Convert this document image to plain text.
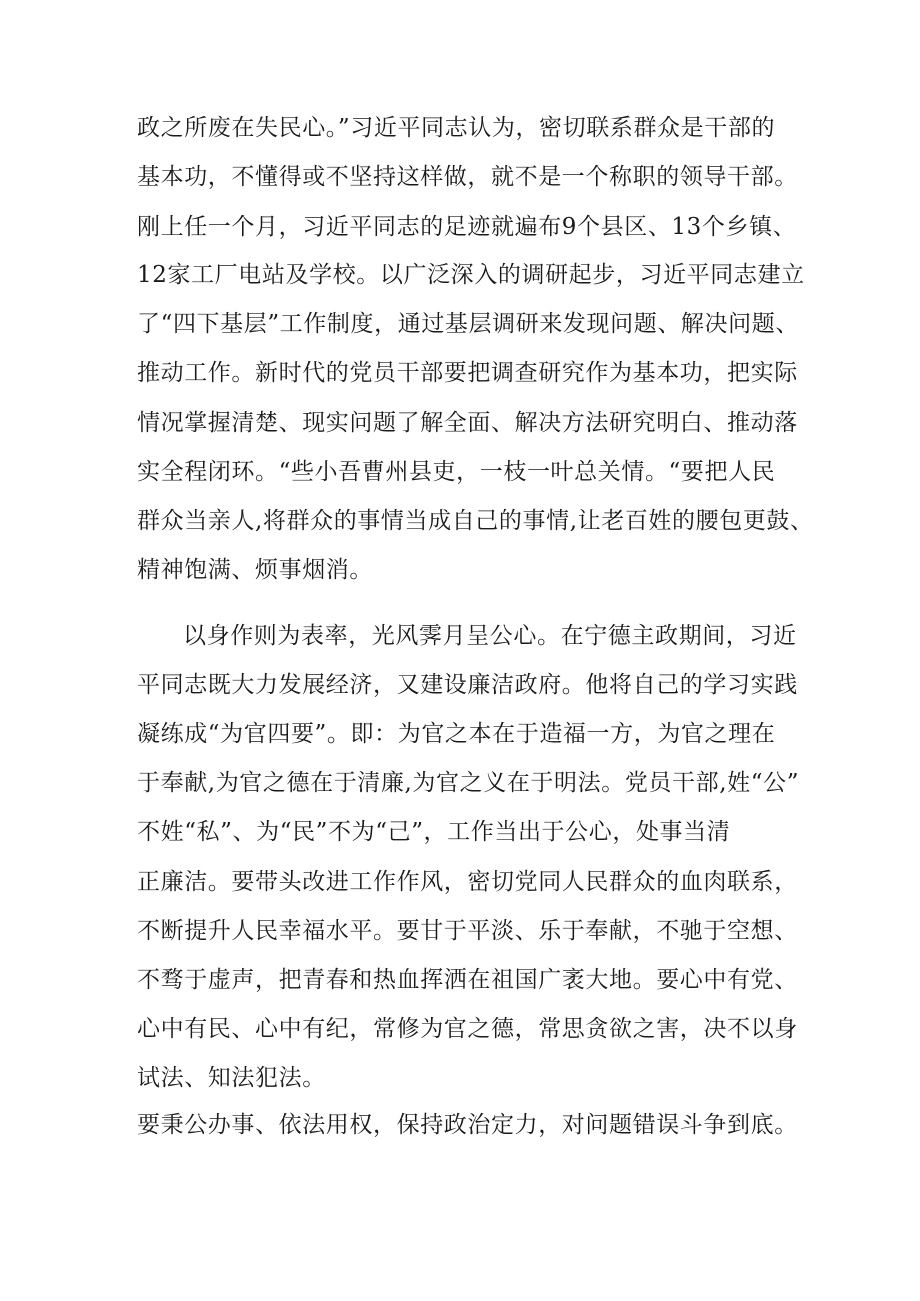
政之所废在失民心。”习近平同志认为，密切联系群众是干部的
基本功，不懂得或不坚持这样做，就不是一个称职的领导干部。
刚上任一个月，习近平同志的足迹就遍布9个县区、13个乡镇、
12家工厂电站及学校。以广泛深入的调研起步，习近平同志建立
了“四下基层”工作制度，通过基层调研来发现问题、解决问题、
推动工作。新时代的党员干部要把调查研究作为基本功，把实际
情况掌握清楚、现实问题了解全面、解决方法研究明白、推动落
实全程闭环。“些小吾曹州县吏，一枝一叶总关情。“要把人民
群众当亲人,将群众的事情当成自己的事情,让老百姓的腰包更鼓、
精神饱满、烦事烟消。
以身作则为表率，光风霁月呈公心。在宁德主政期间，习近
平同志既大力发展经济，又建设廉洁政府。他将自己的学习实践
凝练成“为官四要”。即：为官之本在于造福一方，为官之理在
于奉献,为官之德在于清廉,为官之义在于明法。党员干部,姓“公”
不姓“私”、为“民”不为“己”，工作当出于公心，处事当清
正廉洁。要带头改进工作作风，密切党同人民群众的血肉联系，
不断提升人民幸福水平。要甘于平淡、乐于奉献，不驰于空想、
不骛于虚声，把青春和热血挥洒在祖国广袤大地。要心中有党、
心中有民、心中有纪，常修为官之德，常思贪欲之害，决不以身
试法、知法犯法。
要秉公办事、依法用权，保持政治定力，对问题错误斗争到底。
